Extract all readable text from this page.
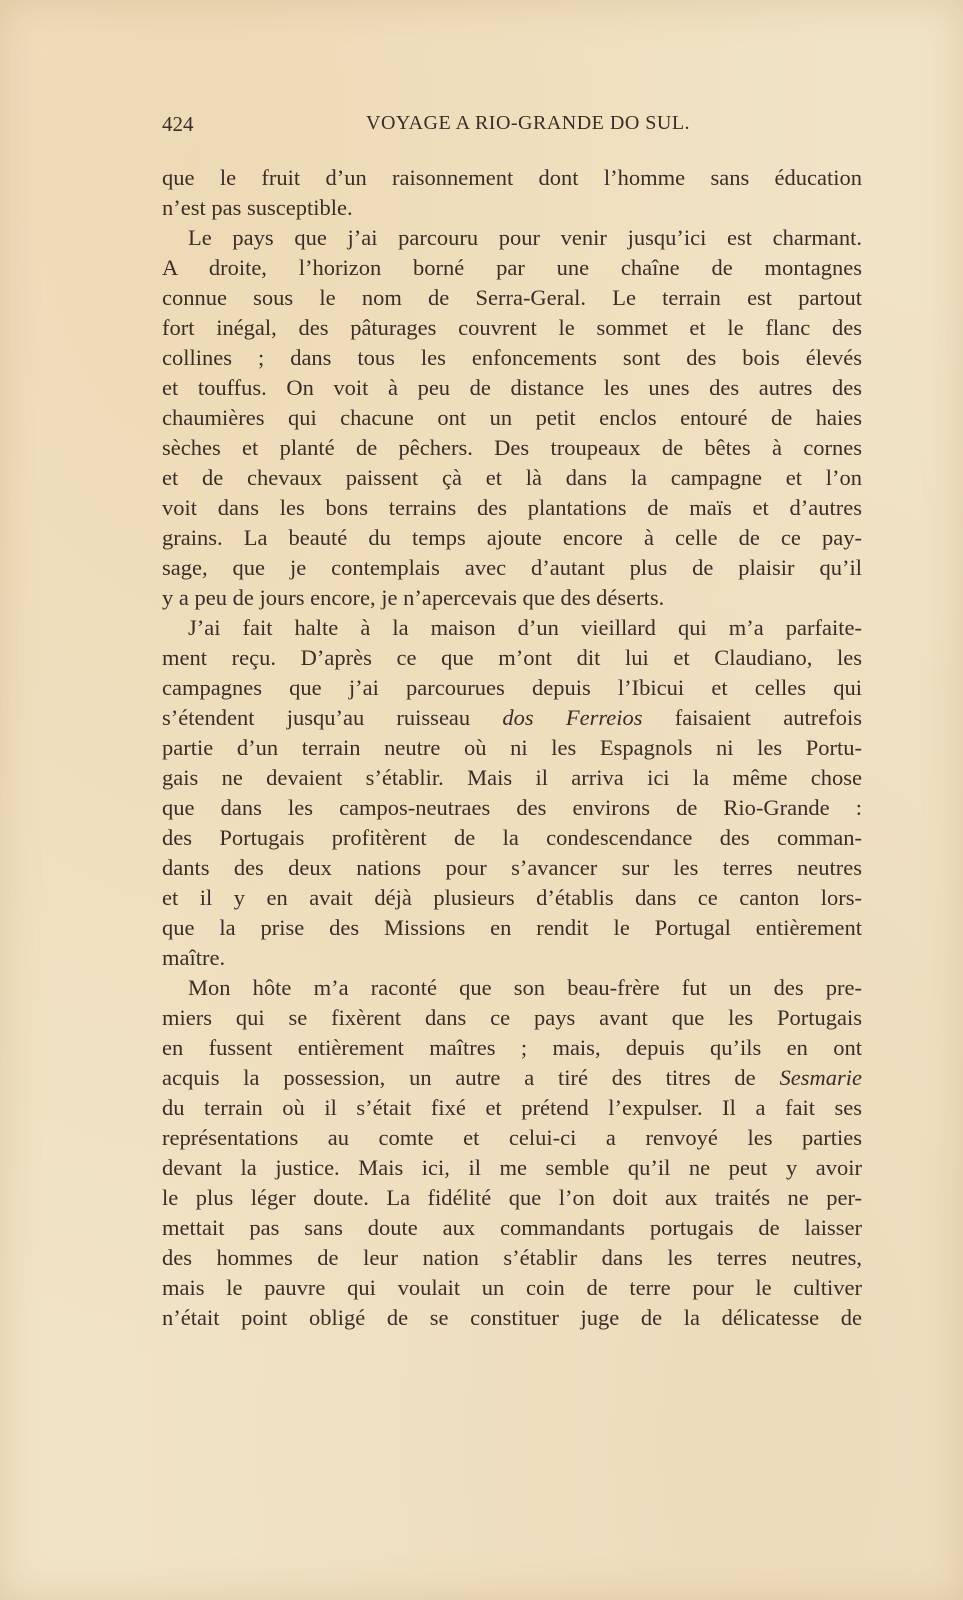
424	VOYAGE A RIO-GRANDE DO SUL.
que le fruit d’un raisonnement dont l’homme sans éducation
n’est pas susceptible.
Le pays que j’ai parcouru pour venir jusqu’ici est charmant.
A droite, l’horizon borné par une chaîne de montagnes
connue sous le nom de Serra-Geral. Le terrain est partout
fort inégal, des pâturages couvrent le sommet et le flanc des
collines ; dans tous les enfoncements sont des bois élevés
et touffus. On voit à peu de distance les unes des autres des
chaumières qui chacune ont un petit enclos entouré de haies
sèches et planté de pêchers. Des troupeaux de bêtes à cornes
et de chevaux paissent çà et là dans la campagne et l’on
voit dans les bons terrains des plantations de maïs et d’autres
grains. La beauté du temps ajoute encore à celle de ce pay-
sage, que je contemplais avec d’autant plus de plaisir qu’il
y a peu de jours encore, je n’apercevais que des déserts.
J’ai fait halte à la maison d’un vieillard qui m’a parfaite-
ment reçu. D’après ce que m’ont dit lui et Claudiano, les
campagnes que j’ai parcourues depuis l’Ibicui et celles qui
s’étendent jusqu’au ruisseau dos Ferreios faisaient autrefois
partie d’un terrain neutre où ni les Espagnols ni les Portu-
gais ne devaient s’établir. Mais il arriva ici la même chose
que dans les campos-neutraes des environs de Rio-Grande :
des Portugais profitèrent de la condescendance des comman-
dants des deux nations pour s’avancer sur les terres neutres
et il y en avait déjà plusieurs d’établis dans ce canton lors-
que la prise des Missions en rendit le Portugal entièrement
maître.
Mon hôte m’a raconté que son beau-frère fut un des pre-
miers qui se fixèrent dans ce pays avant que les Portugais
en fussent entièrement maîtres ; mais, depuis qu’ils en ont
acquis la possession, un autre a tiré des titres de Sesmarie
du terrain où il s’était fixé et prétend l’expulser. Il a fait ses
représentations au comte et celui-ci a renvoyé les parties
devant la justice. Mais ici, il me semble qu’il ne peut y avoir
le plus léger doute. La fidélité que l’on doit aux traités ne per-
mettait pas sans doute aux commandants portugais de laisser
des hommes de leur nation s’établir dans les terres neutres,
mais le pauvre qui voulait un coin de terre pour le cultiver
n’était point obligé de se constituer juge de la délicatesse de
